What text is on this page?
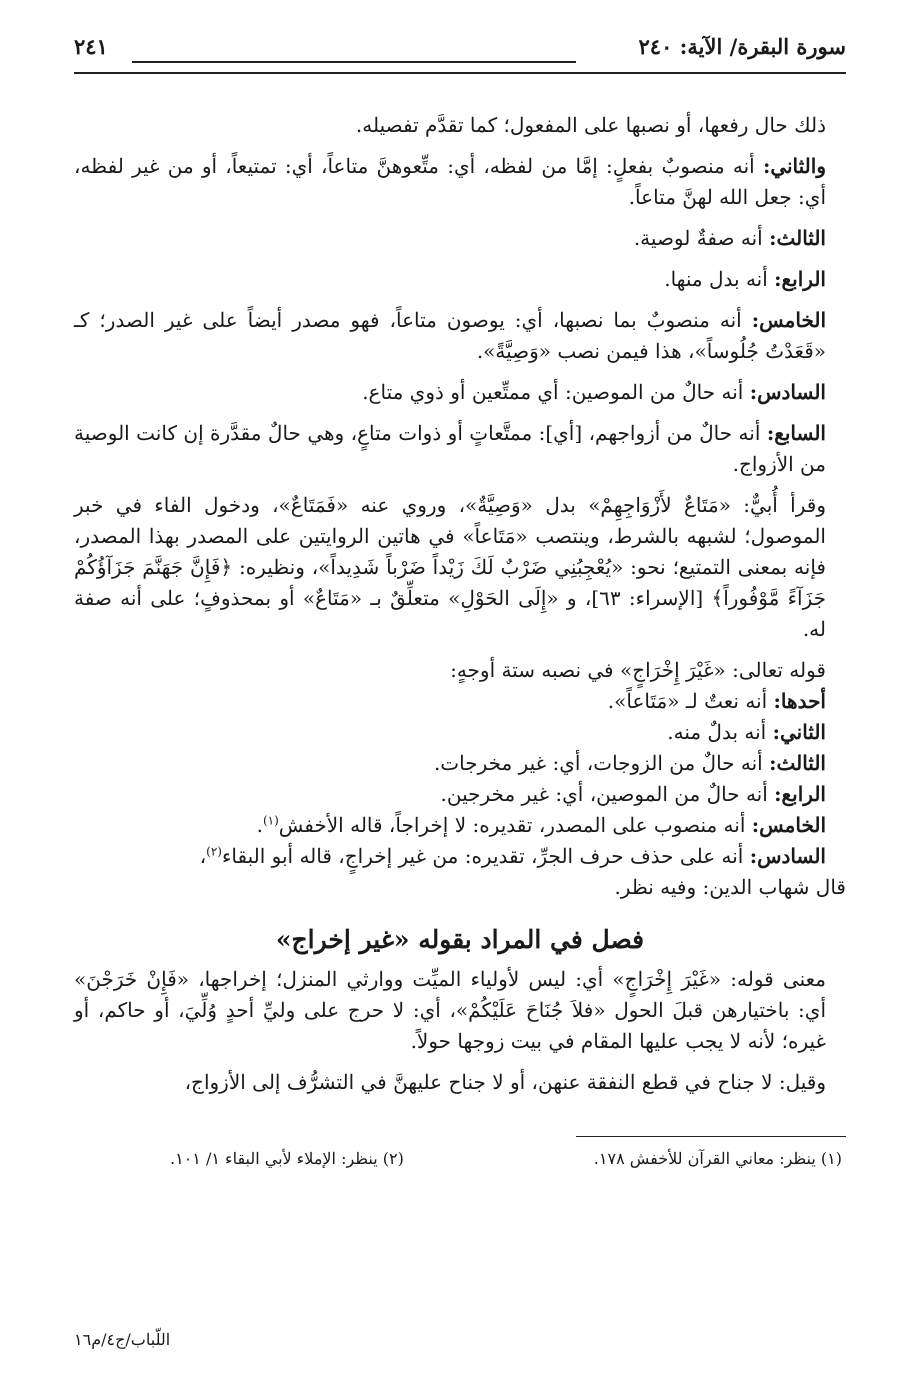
سورة البقرة/ الآية: ٢٤٠
٢٤١

ذلك حال رفعها، أو نصبها على المفعول؛ كما تقدَّم تفصيله.

والثاني: أنه منصوبٌ بفعلٍ: إمَّا من لفظه، أي: متِّعوهنَّ متاعاً، أي: تمتيعاً، أو من غير لفظه، أي: جعل الله لهنَّ متاعاً.

الثالث: أنه صفةٌ لوصية.

الرابع: أنه بدل منها.

الخامس: أنه منصوبٌ بما نصبها، أي: يوصون متاعاً، فهو مصدر أيضاً على غير الصدر؛ كـ «قَعَدْتُ جُلُوساً»، هذا فيمن نصب «وَصِيَّةً».

السادس: أنه حالٌ من الموصين: أي ممتِّعين أو ذوي متاع.

السابع: أنه حالٌ من أزواجهم، [أي]: ممتَّعاتٍ أو ذوات متاعٍ، وهي حالٌ مقدَّرة إن كانت الوصية من الأزواج.

وقرأ أُبيٌّ: «مَتَاعٌ لأَزْوَاجِهِمْ» بدل «وَصِيَّةٌ»، وروي عنه «فَمَتَاعٌ»، ودخول الفاء في خبر الموصول؛ لشبهه بالشرط، وينتصب «مَتَاعاً» في هاتين الروايتين على المصدر بهذا المصدر، فإنه بمعنى التمتيع؛ نحو: «يُعْجِبُنِي ضَرْبٌ لَكَ زَيْداً ضَرْباً شَدِيداً»، ونظيره: ﴿فَإِنَّ جَهَنَّمَ جَزَآؤُكُمْ جَزَآءً مَّوْفُوراً﴾ [الإسراء: ٦٣]، و «إِلَى الحَوْلِ» متعلِّقٌ بـ «مَتَاعٌ» أو بمحذوفٍ؛ على أنه صفة له.

قوله تعالى: «غَيْرَ إِخْرَاجٍ» في نصبه ستة أوجهٍ:

أحدها: أنه نعتٌ لـ «مَتَاعاً».

الثاني: أنه بدلٌ منه.

الثالث: أنه حالٌ من الزوجات، أي: غير مخرجات.

الرابع: أنه حالٌ من الموصين، أي: غير مخرجين.

الخامس: أنه منصوب على المصدر، تقديره: لا إخراجاً، قاله الأخفش$^{(١)}$.

السادس: أنه على حذف حرف الجرِّ، تقديره: من غير إخراجٍ، قاله أبو البقاء$^{(٢)}$،

قال شهاب الدين: وفيه نظر.

فصل في المراد بقوله «غير إخراج»

معنى قوله: «غَيْرَ إِخْرَاجٍ» أي: ليس لأولياء الميِّت ووارثي المنزل؛ إخراجها، «فَإِنْ خَرَجْنَ» أي: باختيارهن قبلَ الحول «فلاَ جُنَاحَ عَلَيْكُمْ»، أي: لا حرج على وليِّ أحدٍ وُلِّيَ، أو حاكم، أو غيره؛ لأنه لا يجب عليها المقام في بيت زوجها حولاً.

وقيل: لا جناح في قطع النفقة عنهن، أو لا جناح عليهنَّ في التشرُّف إلى الأزواج،

(١) ينظر: معاني القرآن للأخفش ١٧٨.
(٢) ينظر: الإملاء لأبي البقاء ١/ ١٠١.
اللّباب/ج٤/م١٦
